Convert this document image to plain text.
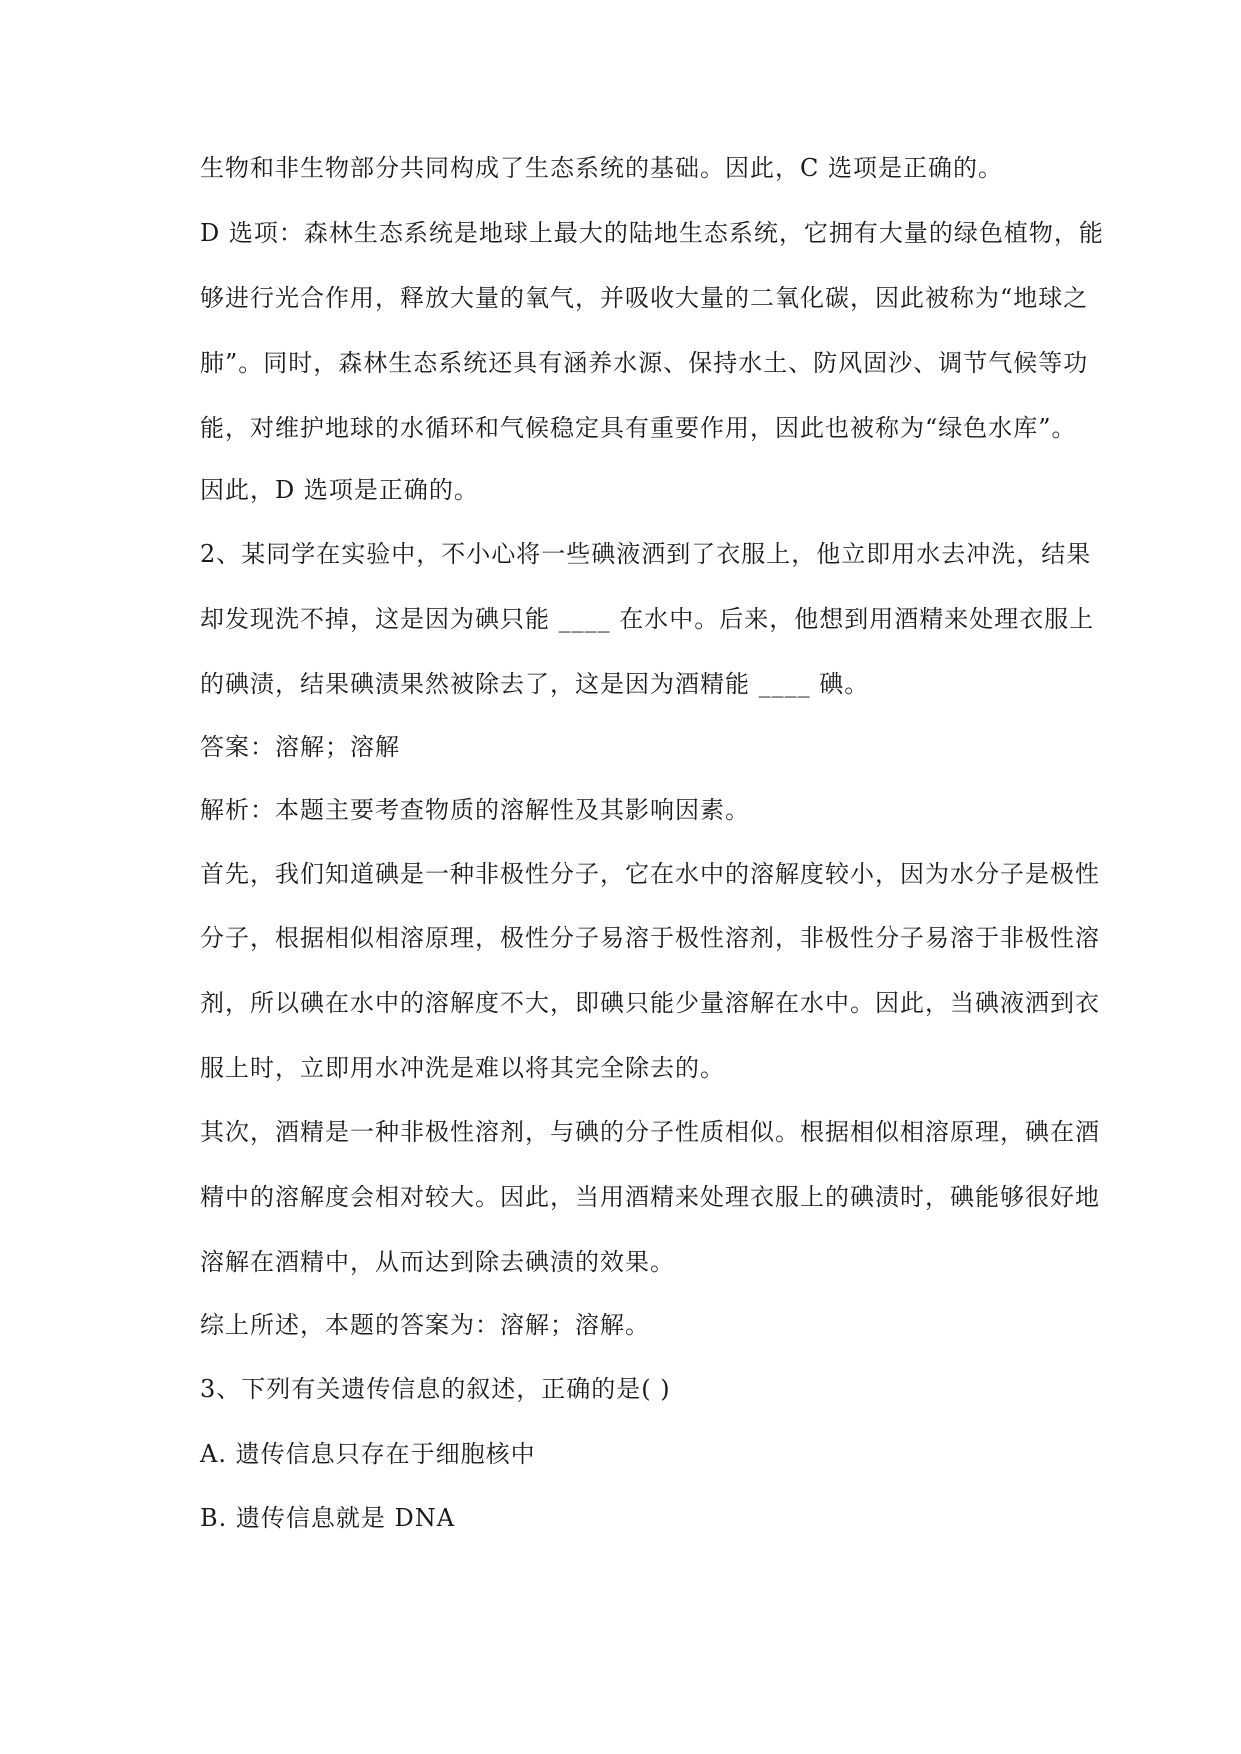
生物和非生物部分共同构成了生态系统的基础。因此，C 选项是正确的。
D 选项：森林生态系统是地球上最大的陆地生态系统，它拥有大量的绿色植物，能
够进行光合作用，释放大量的氧气，并吸收大量的二氧化碳，因此被称为“地球之
肺”。同时，森林生态系统还具有涵养水源、保持水土、防风固沙、调节气候等功
能，对维护地球的水循环和气候稳定具有重要作用，因此也被称为“绿色水库”。
因此，D 选项是正确的。
2、某同学在实验中，不小心将一些碘液洒到了衣服上，他立即用水去冲洗，结果
却发现洗不掉，这是因为碘只能 ____ 在水中。后来，他想到用酒精来处理衣服上
的碘渍，结果碘渍果然被除去了，这是因为酒精能 ____ 碘。
答案：溶解；溶解
解析：本题主要考查物质的溶解性及其影响因素。
首先，我们知道碘是一种非极性分子，它在水中的溶解度较小，因为水分子是极性
分子，根据相似相溶原理，极性分子易溶于极性溶剂，非极性分子易溶于非极性溶
剂，所以碘在水中的溶解度不大，即碘只能少量溶解在水中。因此，当碘液洒到衣
服上时，立即用水冲洗是难以将其完全除去的。
其次，酒精是一种非极性溶剂，与碘的分子性质相似。根据相似相溶原理，碘在酒
精中的溶解度会相对较大。因此，当用酒精来处理衣服上的碘渍时，碘能够很好地
溶解在酒精中，从而达到除去碘渍的效果。
综上所述，本题的答案为：溶解；溶解。
3、下列有关遗传信息的叙述，正确的是( )
A. 遗传信息只存在于细胞核中
B. 遗传信息就是 DNA
